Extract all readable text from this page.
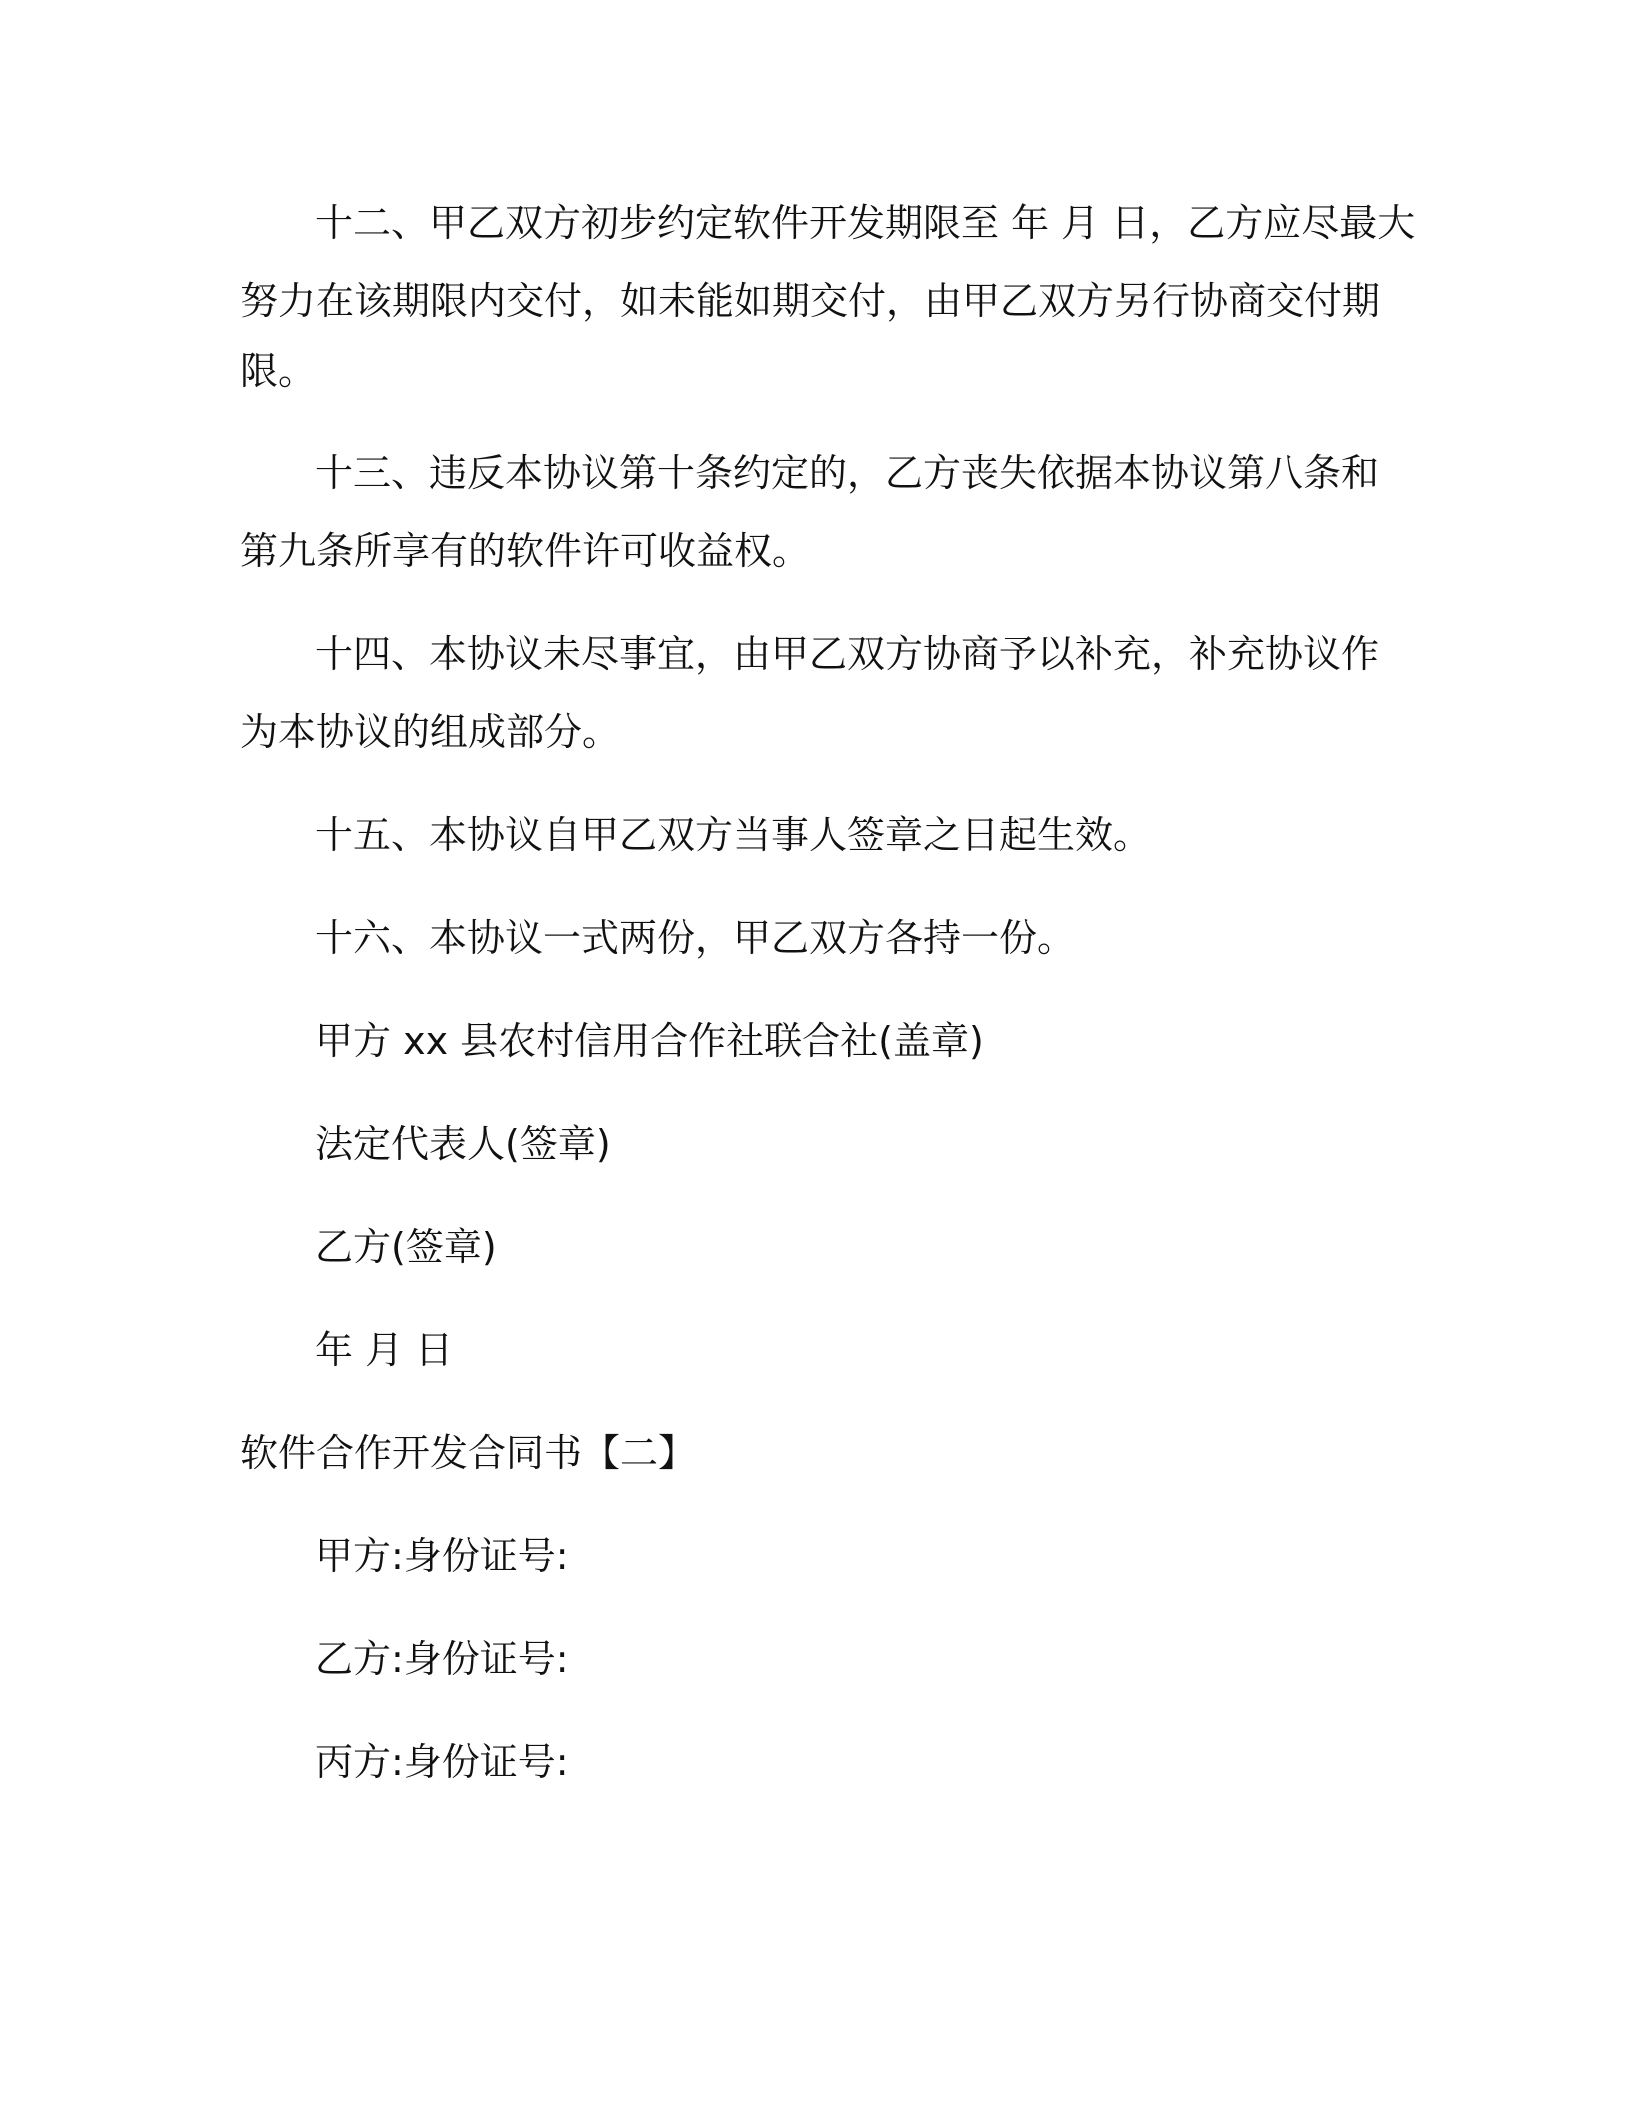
十二、甲乙双方初步约定软件开发期限至 年 月 日，乙方应尽最大
努力在该期限内交付，如未能如期交付，由甲乙双方另行协商交付期
限。
十三、违反本协议第十条约定的，乙方丧失依据本协议第八条和
第九条所享有的软件许可收益权。
十四、本协议未尽事宜，由甲乙双方协商予以补充，补充协议作
为本协议的组成部分。
十五、本协议自甲乙双方当事人签章之日起生效。
十六、本协议一式两份，甲乙双方各持一份。
甲方 xx 县农村信用合作社联合社(盖章)
法定代表人(签章)
乙方(签章)
年 月 日
软件合作开发合同书【二】
甲方:身份证号:
乙方:身份证号:
丙方:身份证号:
